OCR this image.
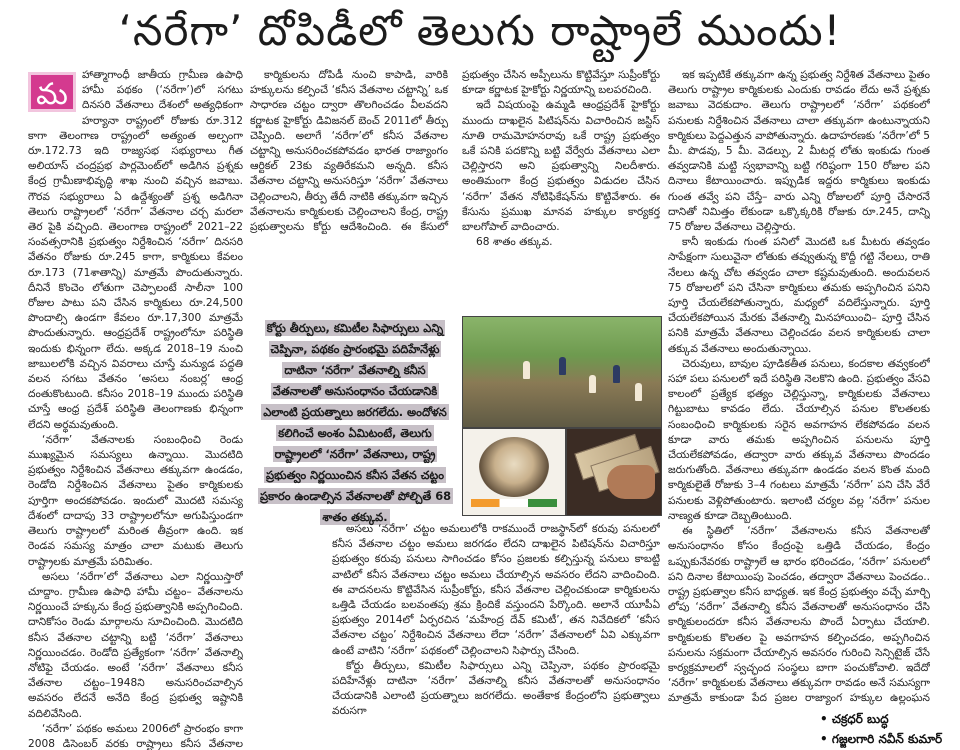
‘నరేగా’ దోపిడీలో తెలుగు రాష్ట్రాలే ముందు!
మ

హాత్మాగాంధీ జాతీయ గ్రామీణ ఉపాధి హామీ పథకం (‘నరేగా’)లో సగటు దినసరి వేతనాలు దేశంలో అత్యధికంగా హర్యానా రాష్ట్రంలో రోజుకు రూ.312 కాగా తెలంగాణ రాష్ట్రంలో అత్యంత అల్పంగా రూ.172.73 ఇది రాజ్యసభ సభ్యురాలు గీత అలియాస్ చంద్రప్రభ పార్లమెంట్‌లో అడిగిన ప్రశ్నకు కేంద్ర గ్రామీణాభివృద్ధి శాఖ నుంచి వచ్చిన జవాబు. గౌరవ సభ్యురాలు ఏ ఉద్దేశ్యంతో ప్రశ్న అడిగినా తెలుగు రాష్ట్రాలలో ‘నరేగా’ వేతనాల చర్చ మరలా తెర పైకి వచ్చింది. తెలంగాణ రాష్ట్రంలో 2021–22 సంవత్సరానికి ప్రభుత్వం నిర్దేశించిన ‘నరేగా’ దినసరి వేతనం రోజుకు రూ.245 కాగా, కార్మికులు కేవలం రూ.173 (71శాతాన్ని) మాత్రమే పొందుతున్నారు. దీనినే కొంచెం లోతుగా చెప్పాలంటే సాలీనా 100 రోజుల పాటు పని చేసిన కార్మికులు రూ.24,500 పొందాల్సి ఉండగా కేవలం రూ.17,300 మాత్రమే పొందుతున్నారు. ఆంధ్రప్రదేశ్ రాష్ట్రంలోనూ పరిస్థితి ఇందుకు భిన్నంగా లేదు. అక్కడ 2018–19 నుంచి జాబులలోకి వచ్చిన వివరాలు చూస్తే మన్యుడ పద్ధతి వలన సగటు వేతనం ‘అసలు నంబర్ల’ ఆంధ్ర దంతుకొంటుంది. కనీసం 2018–19 ముందు పరిస్థితి చూస్తే ఆంధ్ర ప్రదేశ్ పరిస్థితి తెలంగాణకు భిన్నంగా లేదని అర్థమవుతుంది.

‘నరేగా’ వేతనాలకు సంబంధించి రెండు ముఖ్యమైన సమస్యలు ఉన్నాయి. మొదటిది ప్రభుత్వం నిర్దేశించిన వేతనాలు తక్కువగా ఉండడం, రెండోది నిర్దేశించిన వేతనాలు పైతం కార్మికులకు పూర్తిగా అందకపోవడం. ఇందులో మొదటి సమస్య దేశంలో దాదాపు 33 రాష్ట్రాలలోనూ అగుపిస్తుండగా తెలుగు రాష్ట్రాలలో మరింత తీవ్రంగా ఉంది. ఇక రెండవ సమస్య మాత్రం చాలా మటుకు తెలుగు రాష్ట్రాలకు మాత్రమే పరిమితం.

అసలు ‘నరేగా’లో వేతనాలు ఎలా నిర్ణయిస్తారో చూద్దాం. గ్రామీణ ఉపాధి హామీ చట్టం– వేతనాలను నిర్ణయించే హక్కును కేంద్ర ప్రభుత్వానికి అప్పగించింది. దానికోసం రెండు మార్గాలను సూచించింది. మొదటిది కనీస వేతనాల చట్టాన్ని బట్టి ‘నరేగా’ వేతనాలు నిర్ణయించడం. రెండోది ప్రత్యేకంగా ‘నరేగా’ వేతనాల్ని నోటిఫై చేయడం. అంటే ‘నరేగా’ వేతనాలు కనీస వేతనాల చట్టం–1948ని అనుసరించవాల్సిన అవసరం లేదనే అనేది కేంద్ర ప్రభుత్వ ఇష్టానికి వదిలివేసింది.

‘నరేగా’ పథకం అమలు 2006లో ప్రారంభం కాగా 2008 డిసెంబర్ వరకు రాష్ట్రాలు కనీస వేతనాల

కార్మికులను దోపిడీ నుంచి కాపాడి, వారికి హక్కులను కల్పించే ‘కనీస వేతనాల చట్టాన్ని’ ఒక సాధారణ చట్టం ద్వారా తొలగించడం వీలవదని కర్ణాటక హైకోర్టు డివిజనల్ బెంచ్ 2011లో తీర్పు చెప్పింది. అలాగే ‘నరేగా’లో కనీస వేతనాల చట్టాన్ని అనుసరించకపోవడం భారత రాజ్యాంగం ఆర్టికల్ 23కు వ్యతిరేకమని అన్నది. కనీస వేతనాల చట్టాన్ని అనుసరిస్తూ ‘నరేగా’ వేతనాలు చెల్లించాలని, తీర్పు తేదీ నాటికి తక్కువగా ఇచ్చిన వేతనాలను కార్మికులకు చెల్లించాలని కేంద్ర, రాష్ట్ర ప్రభుత్వాలను కోర్టు ఆదేశించింది. ఈ కేసులో ప్రభుత్వం చేసిన అప్పీలును కొట్టివేస్తూ సుప్రీంకోర్టు కూడా కర్ణాటక హైకోర్టు నిర్ణయాన్ని బలపరచింది.

ఇదే విషయంపై ఉమ్మడి ఆంధ్రప్రదేశ్ హైకోర్టు ముందు దాఖలైన పిటిషన్‌ను విచారించిన జస్టిస్ నూతి రామమోహనరావు ఒకే రాష్ట్ర ప్రభుత్వం ఒకే పనికి పదకొన్ని బట్టి వేర్వేరు వేతనాలు ఎలా చెల్లిస్తారని అని ప్రభుత్వాన్ని నిలదీశారు. అంతిమంగా కేంద్ర ప్రభుత్వం విడుదల చేసిన ‘నరేగా’ వేతన నోటిఫికేషన్‌ను కొట్టివేశారు. ఈ కేసును ప్రముఖ మానవ హక్కుల కార్యకర్త బాలగోపాల్ వాదించారు.

68 శాతం తక్కువ.

కోర్టు తీర్పులు, కమిటీల సిఫార్సులు ఎన్ని చెప్పినా, పథకం ప్రారంభమై పదిహేనేళ్లు దాటినా ‘నరేగా’ వేతనాల్ని కనీస వేతనాలతో అనుసంధానం చేయడానికి ఎలాంటి ప్రయత్నాలు జరగలేదు. అందోళన కలిగించే అంశం ఏమిటంటే, తెలుగు రాష్ట్రాలలో ‘నరేగా’ వేతనాలు, రాష్ట్ర ప్రభుత్వం నిర్ణయించిన కనీస వేతన చట్టం ప్రకారం ఉండాల్సిన వేతనాలతో పోల్చితే 68 శాతం తక్కువ.

అసలు ‘నరేగా’ చట్టం అమలులోకి రాకముందే రాజస్థాన్‌లో కరువు పనులలో కనీస వేతనాల చట్టం అమలు జరగడం లేదని దాఖలైన పిటిషన్‌ను విచారిస్తూ ప్రభుత్వం కరువు పనులు సాగించడం కోసం ప్రజలకు కల్పిస్తున్న పనులు కాబట్టి వాటిలో కనీస వేతనాలు చట్టం అమలు చేయాల్సిన అవసరం లేదని వాదించింది. ఈ వాదనలను కొట్టివేసిన సుప్రీంకోర్టు, కనీస వేతనాల చెల్లించకుండా కార్మికులను ఒత్తిడి చేయడం బలవంతపు శ్రమ క్రిందికే వస్తుందని పేర్కొంది. అలానే యూపీఏ ప్రభుత్వం 2014లో ఏర్పరచిన ‘మహేంద్ర దేవ్ కమిటీ’, తన నివేదికలో ‘కనీస వేతనాల చట్టం’ నిర్దేశించిన వేతనాలు లేదా ‘నరేగా’ వేతనాలలో ఏవి ఎక్కువగా ఉంటే వాటిని ‘నరేగా’ పథకంలో చెల్లించాలని సిఫార్సు చేసింది.

కోర్టు తీర్పులు, కమిటీల సిఫార్సులు ఎన్ని చెప్పినా, పథకం ప్రారంభమై పదిహేనేళ్లు దాటినా ‘నరేగా’ వేతనాల్ని కనీస వేతనాలతో అనుసంధానం చేయడానికి ఎలాంటి ప్రయత్నాలు జరగలేదు. అంతేకాక కేంద్రంలోని ప్రభుత్వాలు వరుసగా

ఇక ఇప్పటికే తక్కువగా ఉన్న ప్రభుత్వ నిర్దేశిత వేతనాలు పైతం తెలుగు రాష్ట్రాల కార్మికులకు ఎందుకు రావడం లేదు అనే ప్రశ్నకు జవాబు వెదకుదాం. తెలుగు రాష్ట్రాలలో ‘నరేగా’ పథకంలో పనులకు నిర్దేశించిన వేతనాలు చాలా తక్కువగా ఉంటున్నాయని కార్మికులు పెద్దఎత్తున వాపోతున్నారు. ఉదాహరణకు ‘నరేగా’లో 5 మీ. పొడవు, 5 మీ. వెడల్పు, 2 మీటర్ల లోతు ఇంకుడు గుంత తవ్వడానికి మట్టి స్వభావాన్ని బట్టి గరిష్ఠంగా 150 రోజుల పని దినాలు కేటాయించారు. ఇప్పుడిక ఇద్దరు కార్మికులు ఇంకుడు గుంత తవ్వే పని చేస్తే– వారు ఎన్ని రోజులలో పూర్తి చేసారనే దానితో నిమిత్తం లేకుండా ఒక్కొక్కరికి రోజుకు రూ.245, దాన్ని 75 రోజుల వేతనాలు చెల్లిస్తారు.

కానీ ఇంకుడు గుంత పనిలో మొదటి ఒక మీటరు తవ్వడం సాపేక్షంగా సులువైనా లోతుకు తవ్వుతున్న కొద్దీ గట్టి నేలలు, రాతి నేలలు ఉన్న చోట తవ్వడం చాలా కష్టమవుతుంది. అందువలన 75 రోజులలో పని చేసినా కార్మికులు తమకు అప్పగించిన పనిని పూర్తి చేయలేకపోతున్నారు, మధ్యలో వదిలేస్తున్నారు. పూర్తి చేయలేకపోయిన మేరకు వేతనాల్ని మినహాయించి– పూర్తి చేసిన పనికి మాత్రమే వేతనాలు చెల్లించడం వలన కార్మికులకు చాలా తక్కువ వేతనాలు అందుతున్నాయి.

చెరువులు, బావుల పూడికతీత పనులు, కందకాల తవ్వకంలో సహా పలు పనులలో ఇదే పరిస్థితి నెలకొని ఉంది. ప్రభుత్వం వేసవి కాలంలో ప్రత్యేక భత్యం చెల్లిస్తున్నా, కార్మికులకు వేతనాలు గిట్టుబాటు కావడం లేదు. చేయాల్సిన పనుల కొలతలకు సంబంధించి కార్మికులకు సరైన అవగాహన లేకపోవడం వలన కూడా వారు తమకు అప్పగించిన పనులను పూర్తి చేయలేకపోవడం, తద్వారా వారు తక్కువ వేతనాలు పొందడం జరుగుతోంది. వేతనాలు తక్కువగా ఉండడం వలన కొంత మంది కార్మికులైతే రోజుకు 3–4 గంటలు మాత్రమే ‘నరేగా’ పని చేసి వేరే పనులకు వెళ్లిపోతుంటారు. ఇలాంటి చర్యల వల్ల ‘నరేగా’ పనుల నాణ్యత కూడా దెబ్బతింటుంది.

ఈ స్థితిలో ‘నరేగా’ వేతనాలను కనీస వేతనాలతో అనుసంధానం కోసం కేంద్రంపై ఒత్తిడి చేయడం, కేంద్రం ఒప్పుకునేవరకు రాష్ట్రాలే ఆ భారం భరించడం, ‘నరేగా’ పనులలో పని దినాల కేటాయింపు పెంచడం, తద్వారా వేతనాలు పెంచడం.. రాష్ట్ర ప్రభుత్వాల కనీస బాధ్యత. ఇక కేంద్ర ప్రభుత్వం వచ్చే మార్చి లోపు ‘నరేగా’ వేతనాల్ని కనీస వేతనాలతో అనుసంధానం చేసి కార్మికులందరూ కనీస వేతనాలను పొందే ఏర్పాటు చేయాలి. కార్మికులకు కొలతల పై అవగాహన కల్పించడం, అప్పగించిన పనులను సక్రమంగా చేయాల్సిన అవసరం గురించి సెన్సిటైజ్ చేసే కార్యక్రమాలలో స్వచ్ఛంద సంస్థలు బాగా పంచుకోవాలి. ఇదేదో ‘నరేగా’ కార్మికులకు వేతనాలు తక్కువగా రావడం అనే సమస్యగా మాత్రమే కాకుండా పేద ప్రజల రాజ్యాంగ హక్కుల ఉల్లంఘన

• చక్రధర్ బుద్ధ
• గజ్జలగారి నవీన్ కుమార్
